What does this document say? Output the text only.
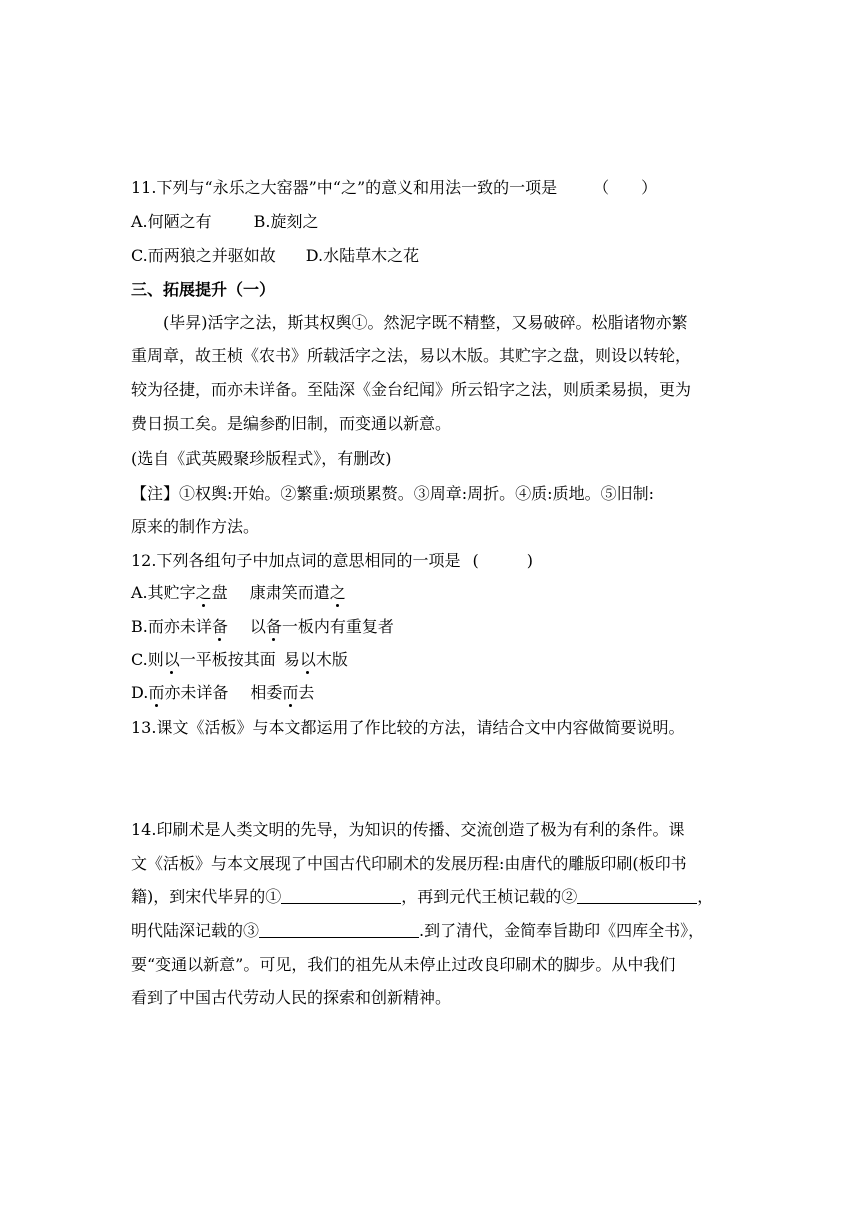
11.下列与“永乐之大窑器”中“之”的意义和用法一致的一项是 （　　）
A.何陋之有	B.旋刻之
C.而两狼之并驱如故 D.水陆草木之花
三、拓展提升（一）
(毕昇)活字之法，斯其权舆①。然泥字既不精整，又易破碎。松脂诸物亦繁
重周章，故王桢《农书》所载活字之法，易以木版。其贮字之盘，则设以转轮，
较为径捷，而亦未详备。至陆深《金台纪闻》所云铅字之法，则质柔易损，更为
费日损工矣。是编参酌旧制，而变通以新意。
(选自《武英殿聚珍版程式》，有删改)
【注】①权舆:开始。②繁重:烦琐累赘。③周章:周折。④质:质地。⑤旧制:
原来的制作方法。
12.下列各组句子中加点词的意思相同的一项是 (　　　)
A.其贮字之盘 康肃笑而遣之
B.而亦未详备 以备一板内有重复者
C.则以一平板按其面 易以木版
D.而亦未详备 相委而去
13.课文《活板》与本文都运用了作比较的方法，请结合文中内容做简要说明。
14.印刷术是人类文明的先导，为知识的传播、交流创造了极为有利的条件。课
文《活板》与本文展现了中国古代印刷术的发展历程:由唐代的雕版印刷(板印书
籍)，到宋代毕昇的①	，再到元代王桢记载的②	，
明代陆深记载的③	.到了清代，金简奉旨勘印《四库全书》，
要“变通以新意”。可见，我们的祖先从未停止过改良印刷术的脚步。从中我们
看到了中国古代劳动人民的探索和创新精神。
